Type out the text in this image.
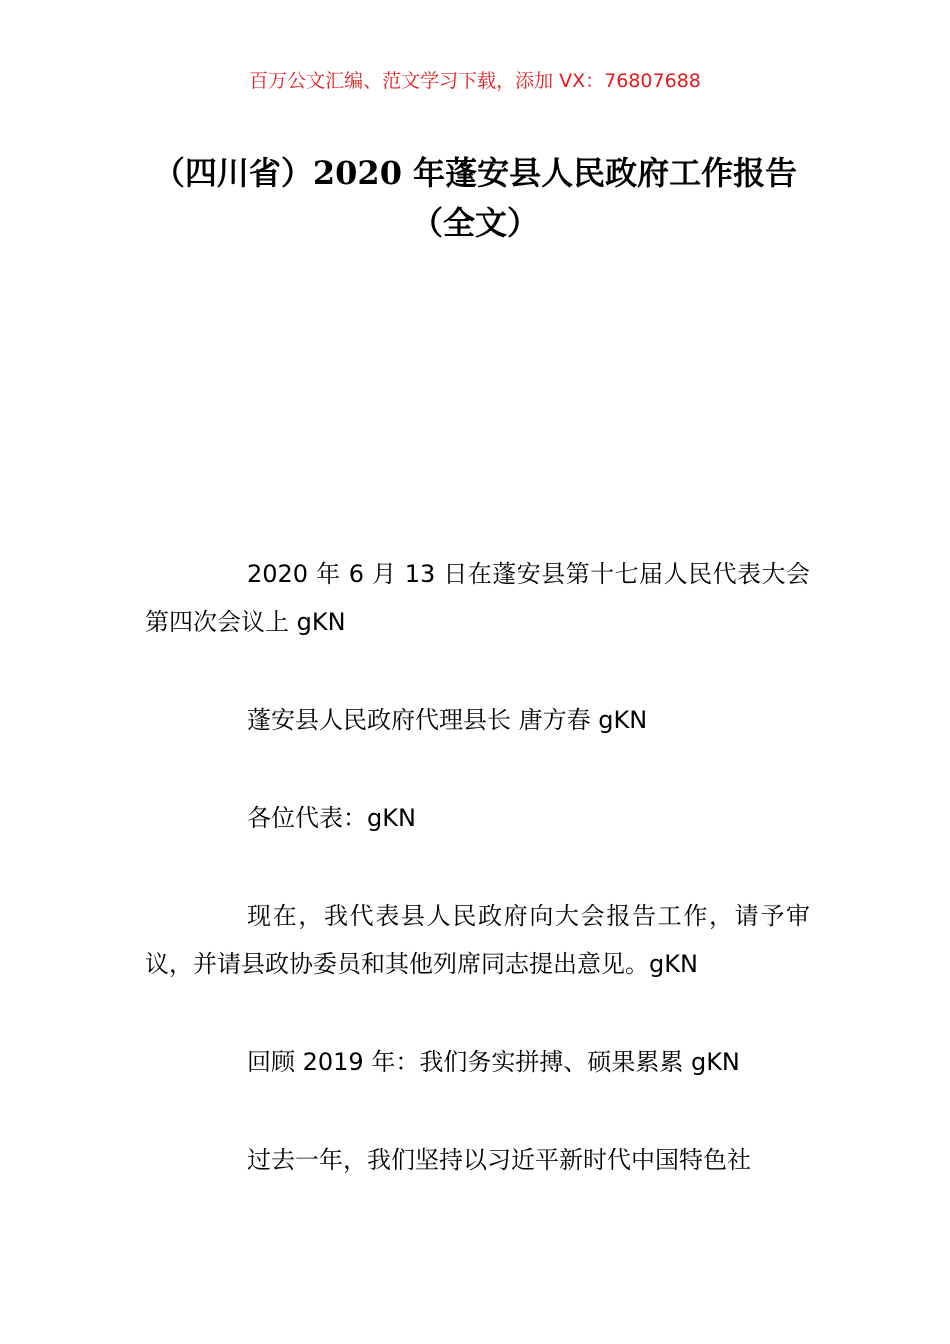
百万公文汇编、范文学习下载，添加 VX：76807688
（四川省）2020 年蓬安县人民政府工作报告（全文）

2020 年 6 月 13 日在蓬安县第十七届人民代表大会第四次会议上 gKN

蓬安县人民政府代理县长 唐方春 gKN

各位代表：gKN

现在，我代表县人民政府向大会报告工作，请予审议，并请县政协委员和其他列席同志提出意见。gKN

回顾 2019 年：我们务实拼搏、硕果累累 gKN

过去一年，我们坚持以习近平新时代中国特色社
